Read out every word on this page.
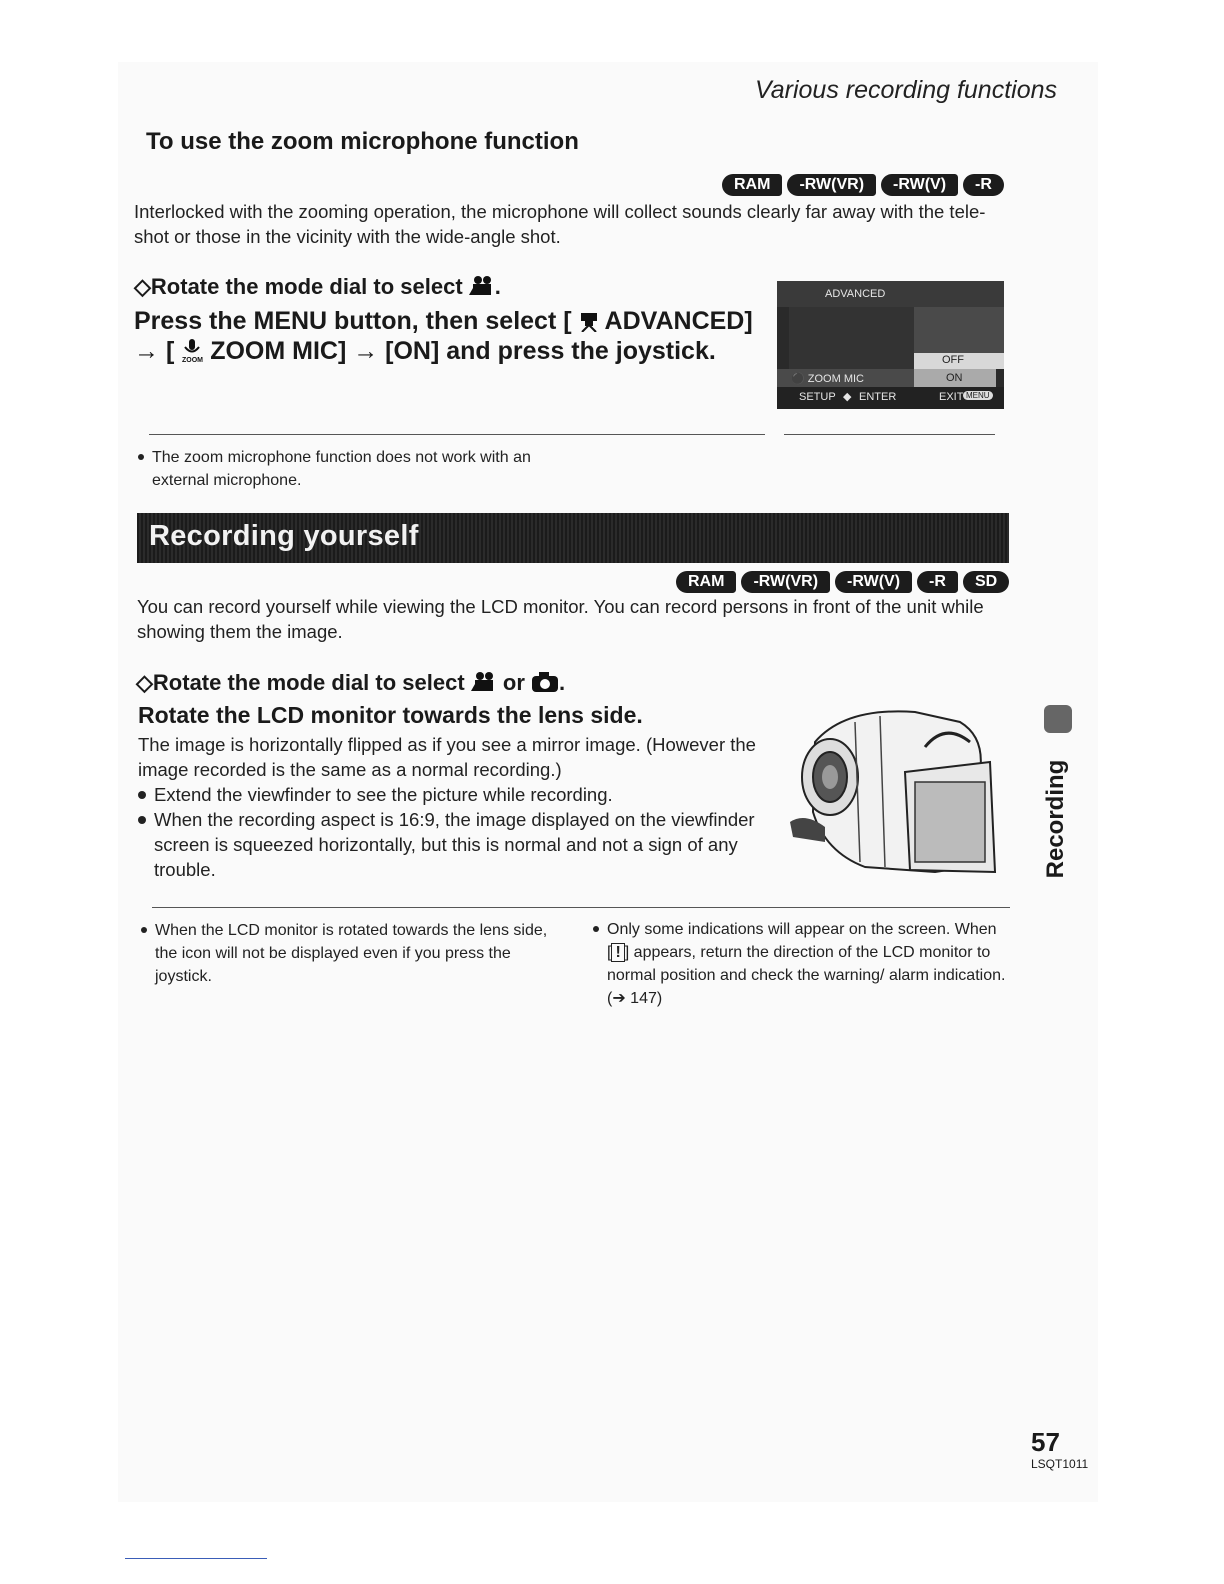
Various recording functions
To use the zoom microphone function
RAM	-RW(VR)	-RW(V)	-R

Interlocked with the zooming operation, the microphone will collect sounds clearly far away with the tele-shot or those in the vicinity with the wide-angle shot.

◇Rotate the mode dial to select .
Press the MENU button, then select [ ADVANCED]
→ [ ZOOM ZOOM MIC] → [ON] and press the joystick.
ADVANCED
OFF
⚫ ZOOM MIC	ON
SETUP ◆ ENTER	EXIT MENU
The zoom microphone function does not work with an external microphone.
Recording yourself
RAM	-RW(VR)	-RW(V)	-R	SD

You can record yourself while viewing the LCD monitor. You can record persons in front of the unit while showing them the image.

◇Rotate the mode dial to select or .
Rotate the LCD monitor towards the lens side.

The image is horizontally flipped as if you see a mirror image. (However the image recorded is the same as a normal recording.)

Extend the viewfinder to see the picture while recording.

When the recording aspect is 16:9, the image displayed on the viewfinder screen is squeezed horizontally, but this is normal and not a sign of any trouble.

When the LCD monitor is rotated towards the lens side, the icon will not be displayed even if you press the joystick.
Only some indications will appear on the screen. When [ ! ] appears, return the direction of the LCD monitor to normal position and check the warning/ alarm indication. (➔ 147)
Recording
57
LSQT1011
